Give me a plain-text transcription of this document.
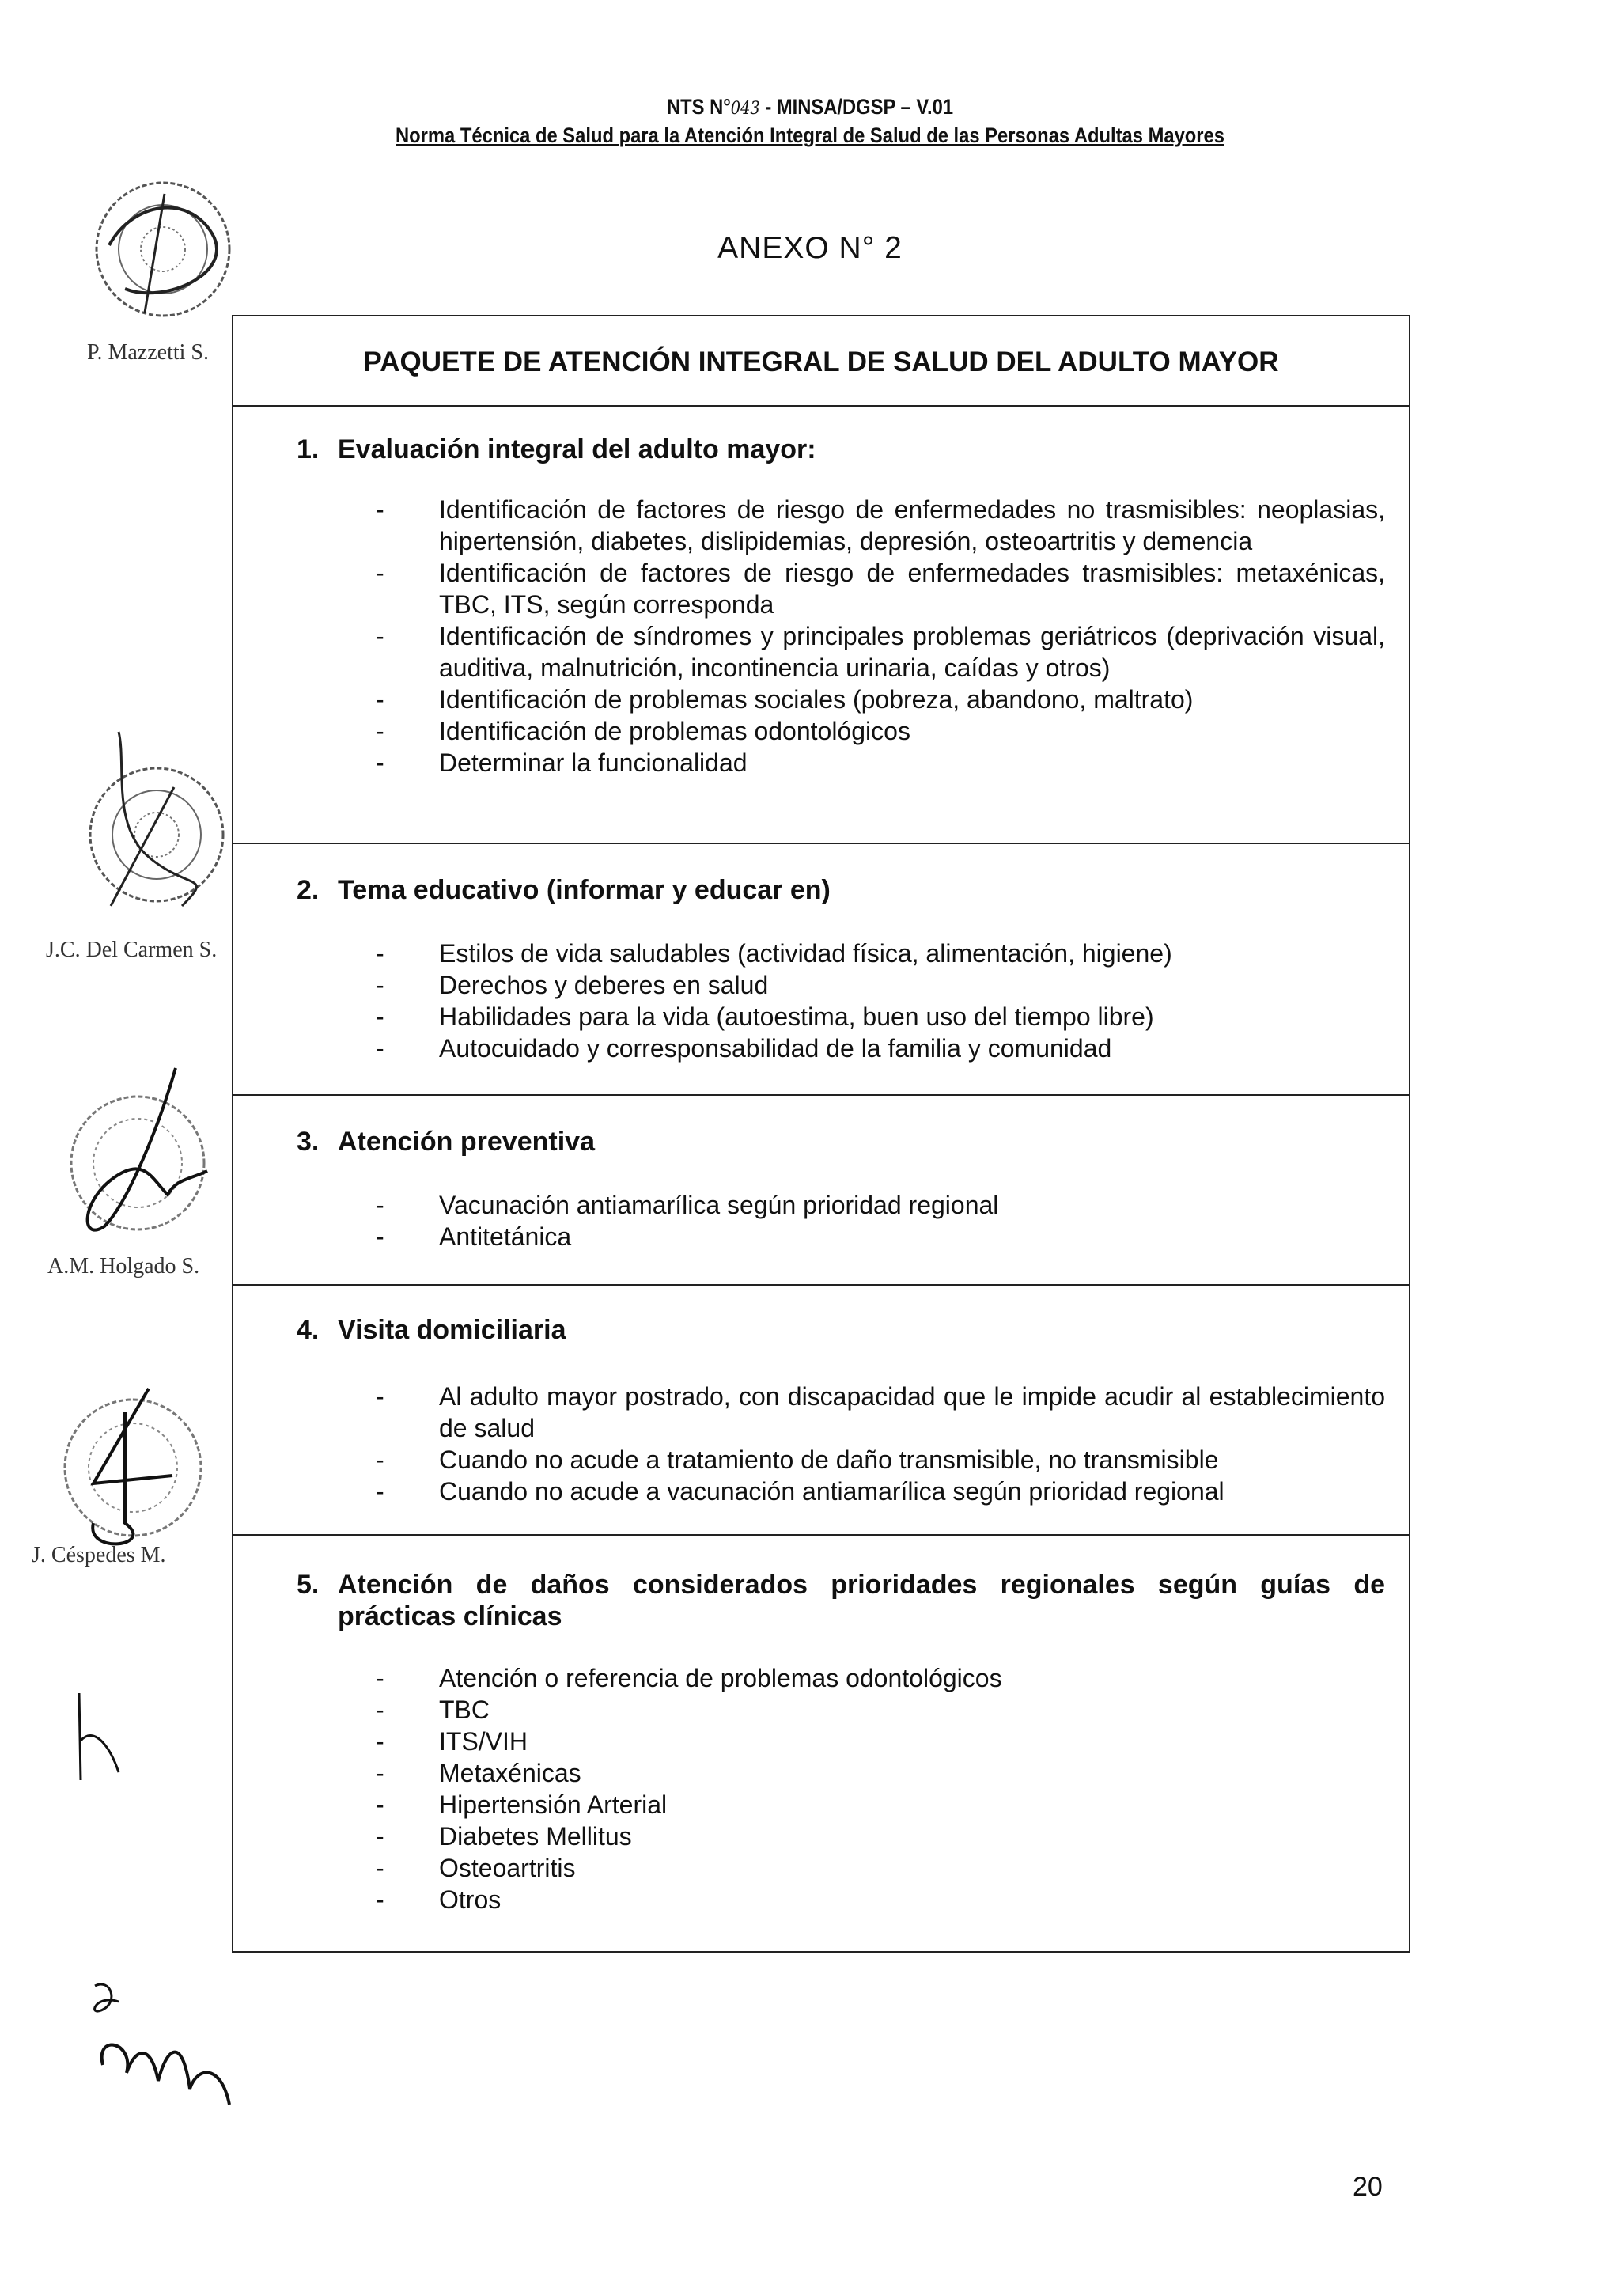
NTS N°043 - MINSA/DGSP – V.01
Norma Técnica de Salud para la Atención Integral de Salud de las Personas Adultas Mayores
ANEXO N° 2
P. Mazzetti S.
J.C. Del Carmen S.
A.M. Holgado S.
J. Céspedes M.
PAQUETE DE ATENCIÓN INTEGRAL DE SALUD DEL ADULTO MAYOR
1. Evaluación integral del adulto mayor:
- Identificación de factores de riesgo de enfermedades no trasmisibles: neoplasias, hipertensión, diabetes, dislipidemias, depresión, osteoartritis y demencia
- Identificación de factores de riesgo de enfermedades trasmisibles: metaxénicas, TBC, ITS, según corresponda
- Identificación de síndromes y principales problemas geriátricos (deprivación visual, auditiva, malnutrición, incontinencia urinaria, caídas y otros)
- Identificación de problemas sociales (pobreza, abandono, maltrato)
- Identificación de problemas odontológicos
- Determinar la funcionalidad
2. Tema educativo (informar y educar en)
- Estilos de vida saludables (actividad física, alimentación, higiene)
- Derechos y deberes en salud
- Habilidades para la vida (autoestima, buen uso del tiempo libre)
- Autocuidado y corresponsabilidad de la familia y comunidad
3. Atención preventiva
- Vacunación antiamarílica según prioridad regional
- Antitetánica
4. Visita domiciliaria
- Al adulto mayor postrado, con discapacidad que le impide acudir al establecimiento de salud
- Cuando no acude a tratamiento de daño transmisible, no transmisible
- Cuando no acude a vacunación antiamarílica según prioridad regional
5. Atención de daños considerados prioridades regionales según guías de prácticas clínicas
- Atención o referencia de problemas odontológicos
- TBC
- ITS/VIH
- Metaxénicas
- Hipertensión Arterial
- Diabetes Mellitus
- Osteoartritis
- Otros
20
